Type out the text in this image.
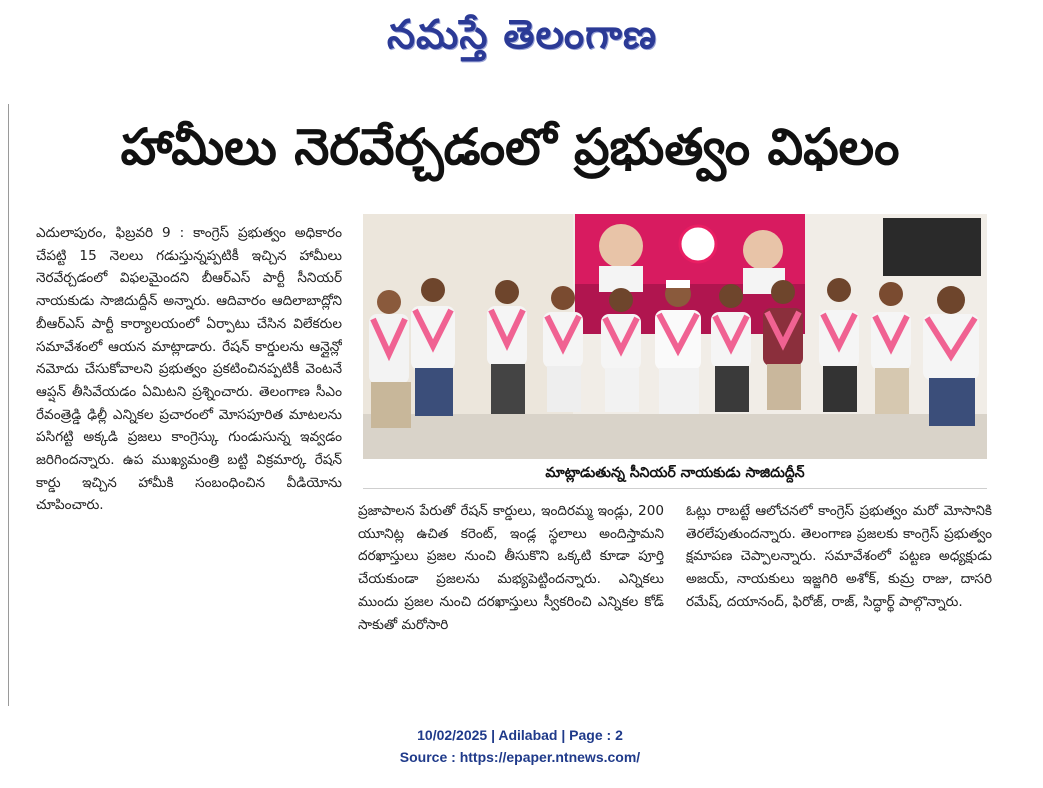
నమస్తే తెలంగాణ
హామీలు నెరవేర్చడంలో ప్రభుత్వం విఫలం
ఎదులాపురం, ఫిబ్రవరి 9 : కాంగ్రెస్ ప్రభుత్వం అధికారం చేపట్టి 15 నెలలు గడుస్తున్నప్పటికీ ఇచ్చిన హామీలు నెరవేర్చడంలో విఫలమైందని బీఆర్ఎస్ పార్టీ సీనియర్ నాయకుడు సాజిదుద్దీన్ అన్నారు. ఆదివారం ఆదిలాబాద్లోని బీఆర్ఎస్ పార్టీ కార్యాలయంలో ఏర్పాటు చేసిన విలేకరుల సమావేశంలో ఆయన మాట్లాడారు. రేషన్ కార్డులను ఆన్లైన్లో నమోదు చేసుకోవాలని ప్రభుత్వం ప్రకటించినప్పటికీ వెంటనే ఆప్షన్ తీసివేయడం ఏమిటని ప్రశ్నించారు. తెలంగాణ సీఎం రేవంత్రెడ్డి ఢిల్లీ ఎన్నికల ప్రచారంలో మోసపూరిత మాటలను పసిగట్టి అక్కడి ప్రజలు కాంగ్రెస్కు గుండుసున్న ఇవ్వడం జరిగిందన్నారు. ఉప ముఖ్యమంత్రి బట్టి విక్రమార్క రేషన్ కార్డు ఇచ్చిన హామీకి సంబంధించిన వీడియోను చూపించారు.
మాట్లాడుతున్న సీనియర్ నాయకుడు సాజిదుద్దీన్
ప్రజాపాలన పేరుతో రేషన్ కార్డులు, ఇందిరమ్మ ఇండ్లు, 200 యూనిట్ల ఉచిత కరెంట్, ఇండ్ల స్థలాలు అందిస్తామని దరఖాస్తులు ప్రజల నుంచి తీసుకొని ఒక్కటి కూడా పూర్తి చేయకుండా ప్రజలను మభ్యపెట్టిందన్నారు. ఎన్నికలు ముందు ప్రజల నుంచి దరఖాస్తులు స్వీకరించి ఎన్నికల కోడ్ సాకుతో మరోసారి
ఓట్లు రాబట్టే ఆలోచనలో కాంగ్రెస్ ప్రభుత్వం మరో మోసానికి తెరలేపుతుందన్నారు. తెలంగాణ ప్రజలకు కాంగ్రెస్ ప్రభుత్వం క్షమాపణ చెప్పాలన్నారు. సమావేశంలో పట్టణ అధ్యక్షుడు అజయ్, నాయకులు ఇజ్జగిరి అశోక్, కుమ్ర రాజు, దాసరి రమేష్, దయానంద్, ఫిరోజ్, రాజ్, సిద్ధార్థ్ పాల్గొన్నారు.
10/02/2025 | Adilabad | Page : 2
Source : https://epaper.ntnews.com/
